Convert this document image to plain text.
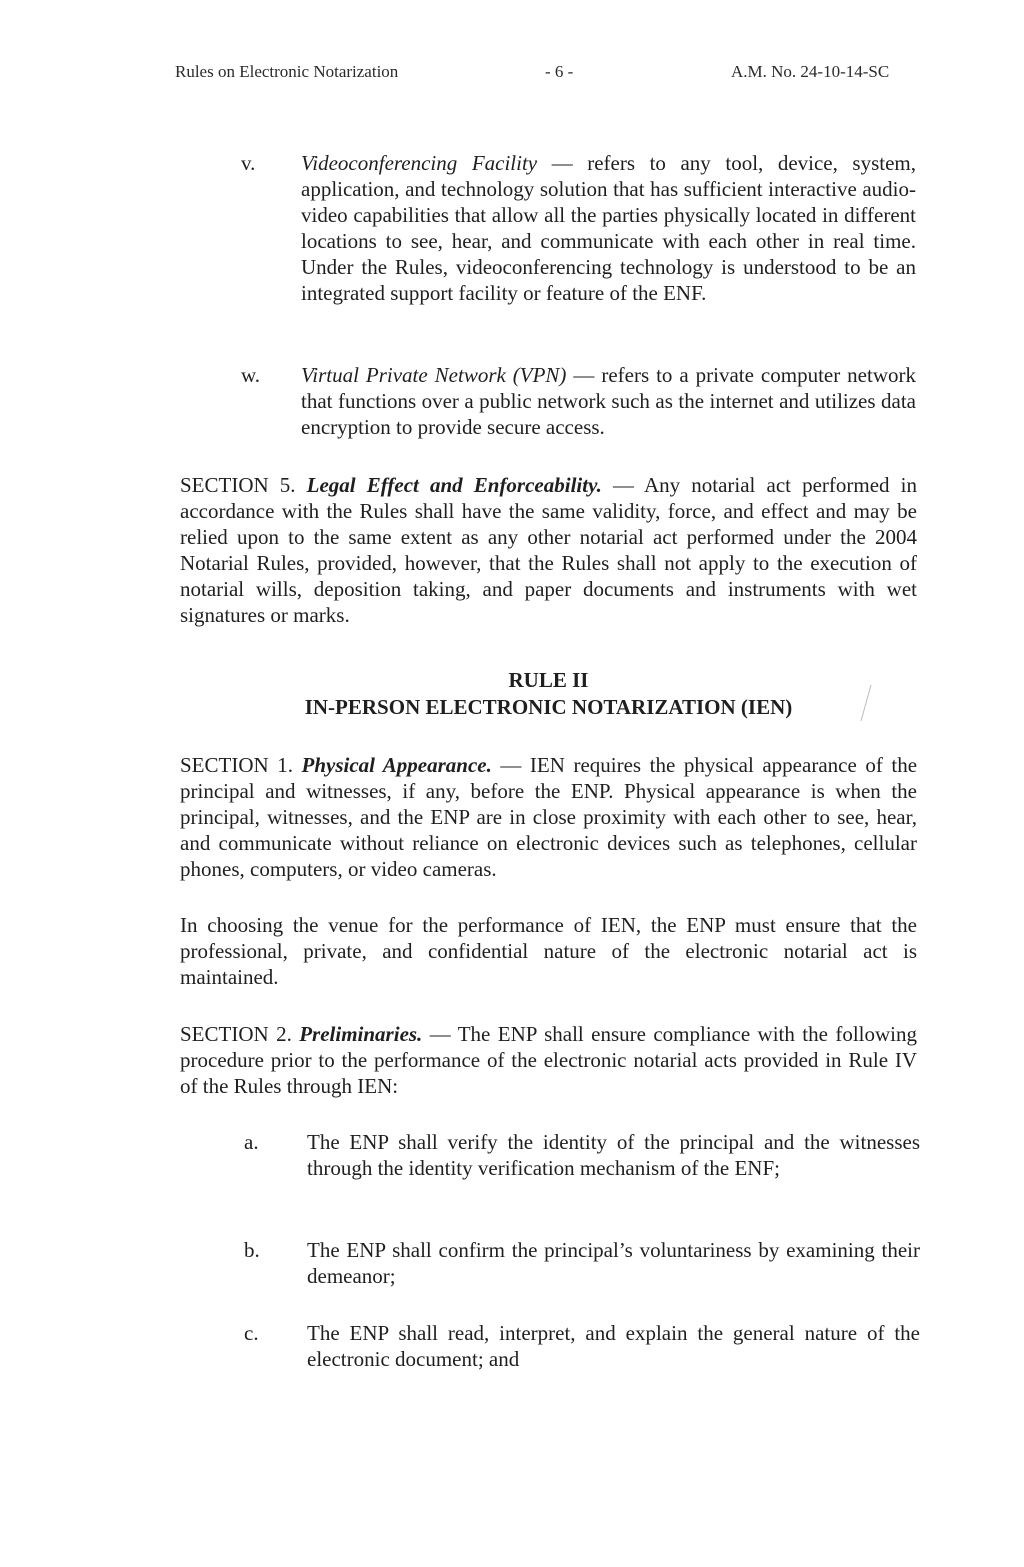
Rules on Electronic Notarization	- 6 -	A.M. No. 24-10-14-SC
v. Videoconferencing Facility — refers to any tool, device, system, application, and technology solution that has sufficient interactive audio-video capabilities that allow all the parties physically located in different locations to see, hear, and communicate with each other in real time. Under the Rules, videoconferencing technology is understood to be an integrated support facility or feature of the ENF.
w. Virtual Private Network (VPN) — refers to a private computer network that functions over a public network such as the internet and utilizes data encryption to provide secure access.
SECTION 5. Legal Effect and Enforceability. — Any notarial act performed in accordance with the Rules shall have the same validity, force, and effect and may be relied upon to the same extent as any other notarial act performed under the 2004 Notarial Rules, provided, however, that the Rules shall not apply to the execution of notarial wills, deposition taking, and paper documents and instruments with wet signatures or marks.
RULE II
IN-PERSON ELECTRONIC NOTARIZATION (IEN)
SECTION 1. Physical Appearance. — IEN requires the physical appearance of the principal and witnesses, if any, before the ENP. Physical appearance is when the principal, witnesses, and the ENP are in close proximity with each other to see, hear, and communicate without reliance on electronic devices such as telephones, cellular phones, computers, or video cameras.
In choosing the venue for the performance of IEN, the ENP must ensure that the professional, private, and confidential nature of the electronic notarial act is maintained.
SECTION 2. Preliminaries. — The ENP shall ensure compliance with the following procedure prior to the performance of the electronic notarial acts provided in Rule IV of the Rules through IEN:
a. The ENP shall verify the identity of the principal and the witnesses through the identity verification mechanism of the ENF;
b. The ENP shall confirm the principal’s voluntariness by examining their demeanor;
c. The ENP shall read, interpret, and explain the general nature of the electronic document; and
